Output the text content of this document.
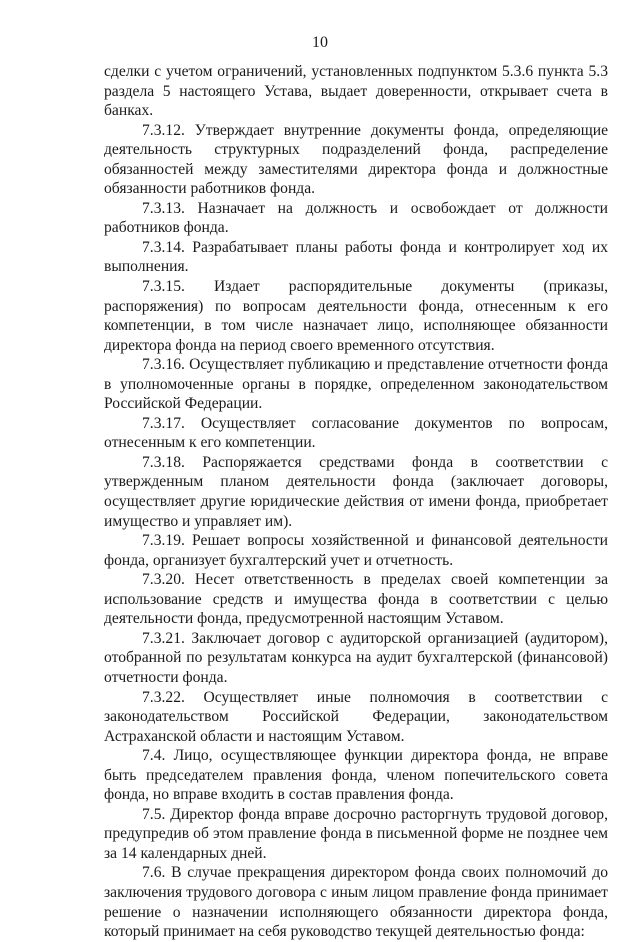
10

сделки с учетом ограничений, установленных подпунктом 5.3.6 пункта 5.3 раздела 5 настоящего Устава, выдает доверенности, открывает счета в банках.

7.3.12. Утверждает внутренние документы фонда, определяющие деятельность структурных подразделений фонда, распределение обязанностей между заместителями директора фонда и должностные обязанности работников фонда.

7.3.13. Назначает на должность и освобождает от должности работников фонда.

7.3.14. Разрабатывает планы работы фонда и контролирует ход их выполнения.

7.3.15. Издает распорядительные документы (приказы, распоряжения) по вопросам деятельности фонда, отнесенным к его компетенции, в том числе назначает лицо, исполняющее обязанности директора фонда на период своего временного отсутствия.

7.3.16. Осуществляет публикацию и представление отчетности фонда в уполномоченные органы в порядке, определенном законодательством Российской Федерации.

7.3.17. Осуществляет согласование документов по вопросам, отнесенным к его компетенции.

7.3.18. Распоряжается средствами фонда в соответствии с утвержденным планом деятельности фонда (заключает договоры, осуществляет другие юридические действия от имени фонда, приобретает имущество и управляет им).

7.3.19. Решает вопросы хозяйственной и финансовой деятельности фонда, организует бухгалтерский учет и отчетность.

7.3.20. Несет ответственность в пределах своей компетенции за использование средств и имущества фонда в соответствии с целью деятельности фонда, предусмотренной настоящим Уставом.

7.3.21. Заключает договор с аудиторской организацией (аудитором), отобранной по результатам конкурса на аудит бухгалтерской (финансовой) отчетности фонда.

7.3.22. Осуществляет иные полномочия в соответствии с законодательством Российской Федерации, законодательством Астраханской области и настоящим Уставом.

7.4. Лицо, осуществляющее функции директора фонда, не вправе быть председателем правления фонда, членом попечительского совета фонда, но вправе входить в состав правления фонда.

7.5. Директор фонда вправе досрочно расторгнуть трудовой договор, предупредив об этом правление фонда в письменной форме не позднее чем за 14 календарных дней.

7.6. В случае прекращения директором фонда своих полномочий до заключения трудового договора с иным лицом правление фонда принимает решение о назначении исполняющего обязанности директора фонда, который принимает на себя руководство текущей деятельностью фонда:
